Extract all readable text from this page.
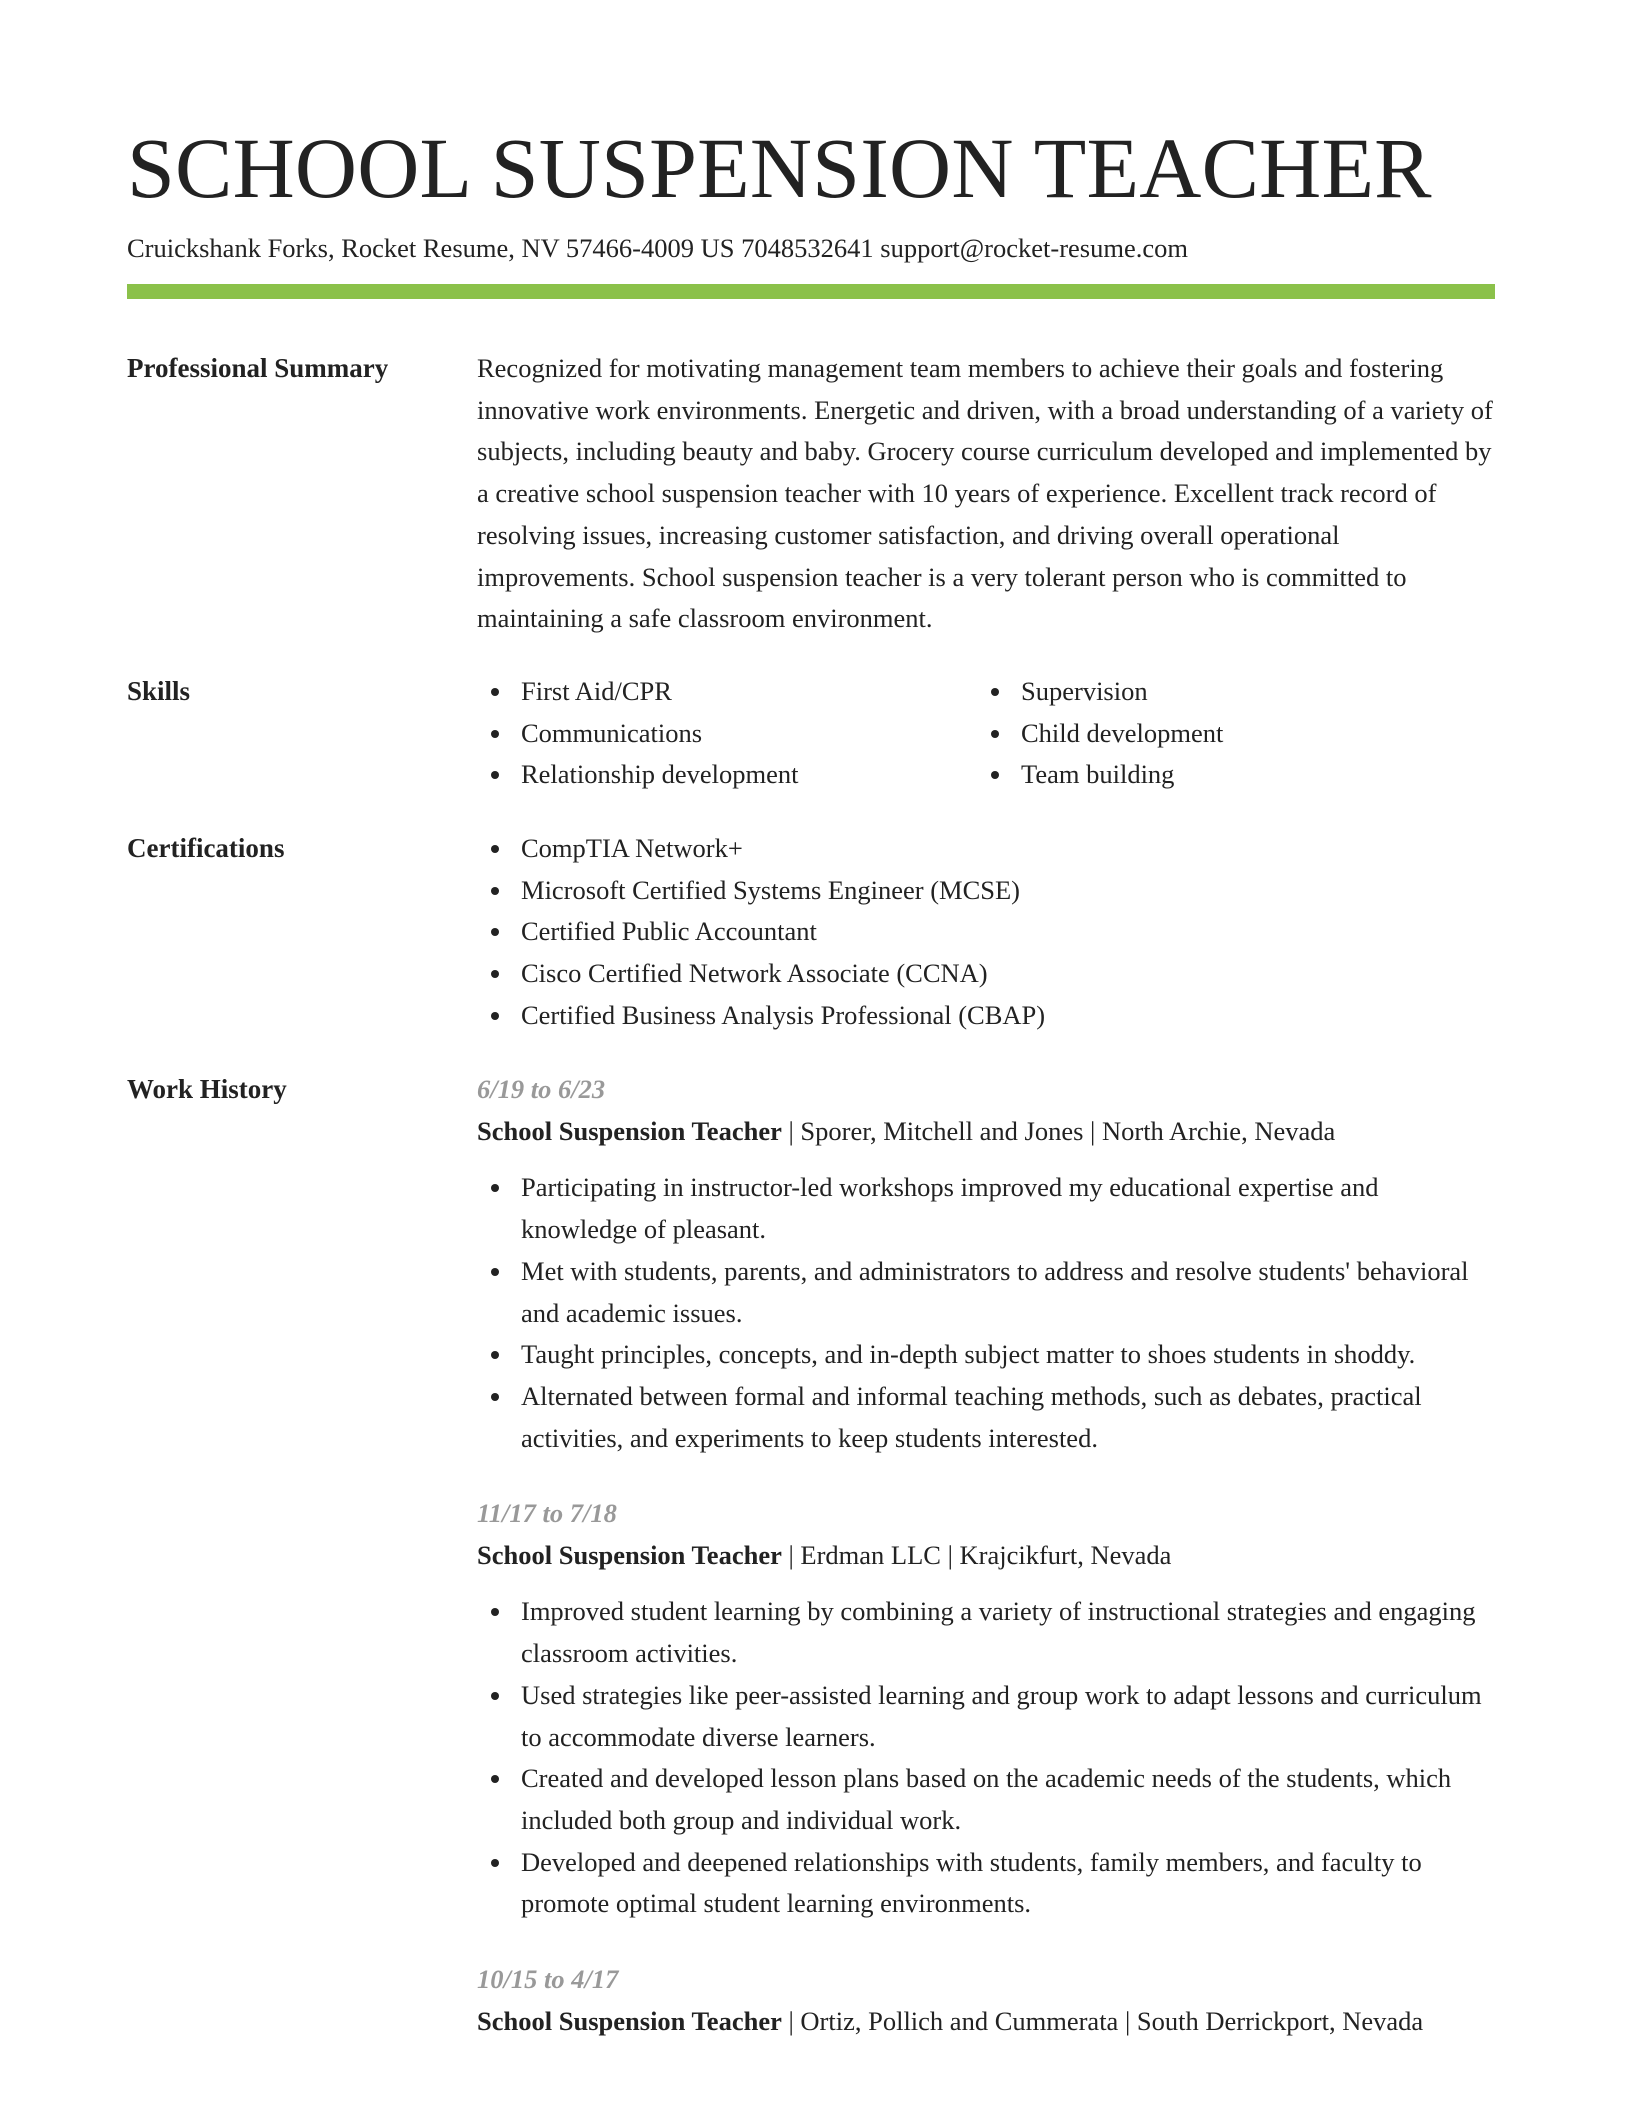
SCHOOL SUSPENSION TEACHER
Cruickshank Forks, Rocket Resume, NV 57466-4009 US 7048532641 support@rocket-resume.com
Professional Summary	Recognized for motivating management team members to achieve their goals and fostering innovative work environments. Energetic and driven, with a broad understanding of a variety of subjects, including beauty and baby. Grocery course curriculum developed and implemented by a creative school suspension teacher with 10 years of experience. Excellent track record of resolving issues, increasing customer satisfaction, and driving overall operational improvements. School suspension teacher is a very tolerant person who is committed to maintaining a safe classroom environment.

Skills	First Aid/CPR
Communications
Relationship development
Supervision
Child development
Team building
Certifications	CompTIA Network+
Microsoft Certified Systems Engineer (MCSE)
Certified Public Accountant
Cisco Certified Network Associate (CCNA)
Certified Business Analysis Professional (CBAP)
Work History	6/19 to 6/23
School Suspension Teacher | Sporer, Mitchell and Jones | North Archie, Nevada
Participating in instructor-led workshops improved my educational expertise and knowledge of pleasant.
Met with students, parents, and administrators to address and resolve students' behavioral and academic issues.
Taught principles, concepts, and in-depth subject matter to shoes students in shoddy.
Alternated between formal and informal teaching methods, such as debates, practical activities, and experiments to keep students interested.
11/17 to 7/18
School Suspension Teacher | Erdman LLC | Krajcikfurt, Nevada
Improved student learning by combining a variety of instructional strategies and engaging classroom activities.
Used strategies like peer-assisted learning and group work to adapt lessons and curriculum to accommodate diverse learners.
Created and developed lesson plans based on the academic needs of the students, which included both group and individual work.
Developed and deepened relationships with students, family members, and faculty to promote optimal student learning environments.
10/15 to 4/17
School Suspension Teacher | Ortiz, Pollich and Cummerata | South Derrickport, Nevada
